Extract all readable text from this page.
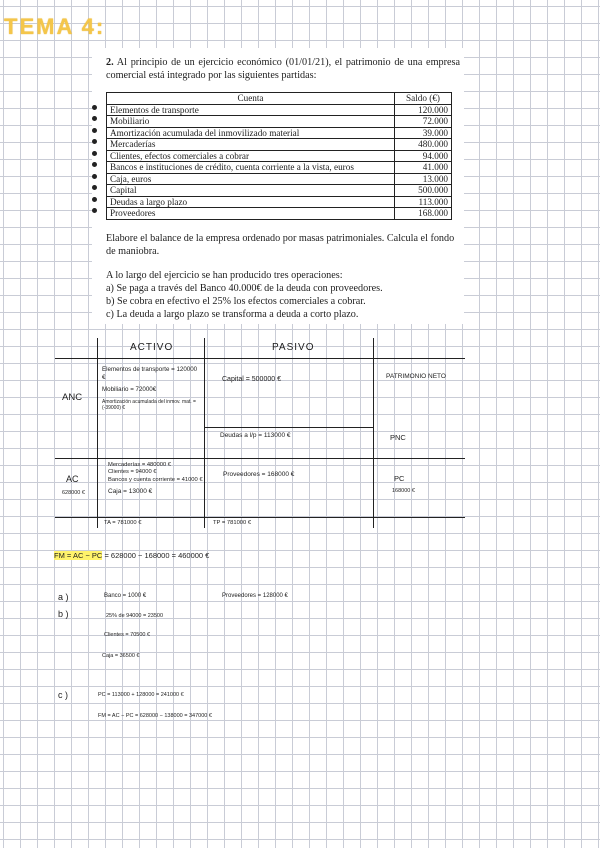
TEMA 4:
2. Al principio de un ejercicio económico (01/01/21), el patrimonio de una empresa comercial está integrado por las siguientes partidas:
Cuenta	Saldo (€)

Elementos de transporte	120.000

Mobiliario	72.000

Amortización acumulada del inmovilizado material	39.000

Mercaderías	480.000

Clientes, efectos comerciales a cobrar	94.000

Bancos e instituciones de crédito, cuenta corriente a la vista, euros	41.000

Caja, euros	13.000

Capital	500.000

Deudas a largo plazo	113.000

Proveedores	168.000
Elabore el balance de la empresa ordenado por masas patrimoniales. Calcula el fondo de maniobra.
A lo largo del ejercicio se han producido tres operaciones:
a) Se paga a través del Banco 40.000€ de la deuda con proveedores.
b) Se cobra en efectivo el 25% los efectos comerciales a cobrar.
c) La deuda a largo plazo se transforma a deuda a corto plazo.
ACTIVO	PASIVO
ANC
Elementos de transporte = 120000 €
Mobiliario = 72000€
Amortización acumulada del inmov. mat. = (-39000) €
Capital = 500000 €	PATRIMONIO NETO
Deudas a l/p = 113000 €	PNC
AC
628000 €
Mercaderías = 480000 €
Clientes = 94000 €
Bancos y cuenta corriente = 41000 €
Caja = 13000 €
Proveedores = 168000 €	PC
168000 €
TA = 781000 €	TP = 781000 €
FM = AC − PC = 628000 − 168000 = 460000 €
a )	Banco = 1000 €	Proveedores = 128000 €
b )	25% de 94000 = 23500
Clientes = 70500 €
Caja = 36500 €
c )	PC = 113000 + 128000 = 241000 €
FM = AC − PC = 628000 − 138000 = 347000 €
